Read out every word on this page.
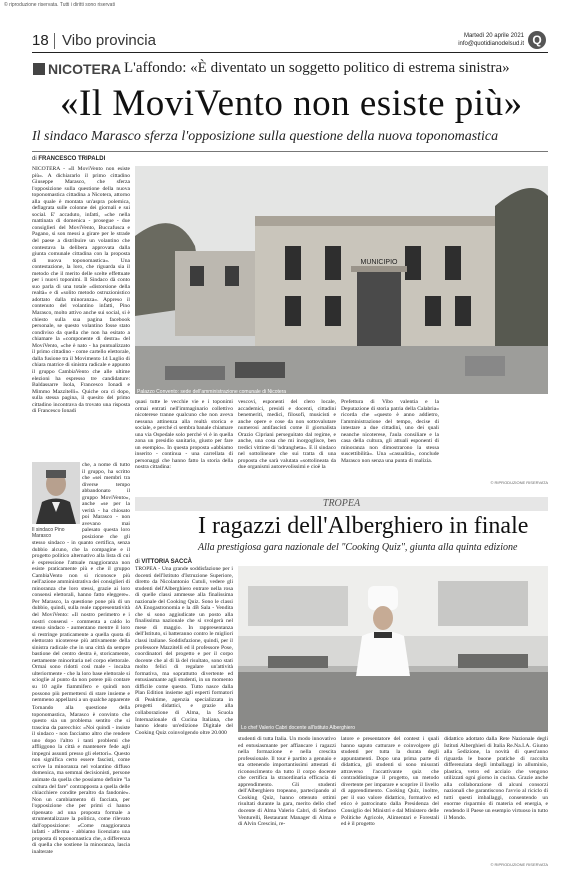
© riproduzione riservata. Tutti i diritti sono riservati
18 Vibo provincia	Martedì 20 aprile 2021
info@quotidianodelsud.it Q
NICOTERA L'affondo: «È diventato un soggetto politico di estrema sinistra»
«Il MoviVento non esiste più»
Il sindaco Marasco sferza l'opposizione sulla questione della nuova toponomastica
di FRANCESCO TRIPALDI
NICOTERA - «Il MoviVento non esiste più». A dichiararlo il primo cittadino Giuseppe Marasco, che sferza l'opposizione sulla questione della nuova toponomastica cittadina a Nicotera, attorno alla quale è montata un'aspra polemica, deflagrata sulle colonne dei giornali e sui social. E' accaduto, infatti, «che nella mattinata di domenica - prosegue - due consiglieri del MoviVento, Buccafusca e Pagano, si son messi a girare per le strade del paese a distribuire un volantino che contestava la delibera approvata dalla giunta comunale cittadina con la proposta di nuova toponomastica». Una contestazione, la loro, che riguarda sia il metodo che il merito delle scelte effettuate per i nuovi toponimi. Il Sindaco dà conto suo parla di una totale «distorsione della realtà» e di «solito metodo ostruzionistico adottato dalla minoranza». Appreso il contenuto del volantino infatti, Pino Marasco, molto attivo anche sui social, si è chiesto sulla sua pagina facebook personale, se questo volantino fosse stato condiviso da quella che non ha esitato a chiamare la «componente di destra» del MoviVento, «che è nato - ha puntualizzato il primo cittadino - come cartello elettorale, dalla fusione tra il Movimento 14 Luglio di chiara matrice di sinistra radicale e appunto il gruppo CambiaVento che alle ultime elezioni ha espresso tre candidature: Baldassarre Isola, Francesco Ionadi e Mimmo Mazzitelli». Quiche ora ci dopo, sulla stessa pagina, il quesito del primo cittadino incontrava da trovato una risposta di Francesco Ionadi
che, a nome di tutto il gruppo, ha scritto che «sei membri tra diverse tempo abbandonato il gruppo MoviVento», anche «se per la verità - ha chiosato poi Marasco - non avevano mai palesato questa loro posizione che gli
Il sindaco Pino Marasco
stesso sindaco - in quanto certifica, senza dubbio alcuno, che la compagine e il progetto politico alternativo alla lista di cui è espressione l'attuale maggioranza non esiste praticamente più e che il gruppo CambiaVento non si riconosce più nell'azione amministrativa dei consiglieri di minoranza che loro stessi, grazie ai loro consensi elettorali, hanno fatto eleggere». Per Marasco, la questione pone più di un dubbio, quindi, sulla reale rappresentatività del MoviVento: «Il nostro perimetro e i nostri consensi - commenta a caldo lo stesso sindaco - aumentano mentre il loro si restringe praticamente a quella quota di elettorato nicoterese più attivamente della sinistra radicale che in una città da sempre bastione del centro destra è, storicamente, nettamente minoritaria nel corpo elettorale. Ormai sono ridotti così male - incalza ulteriormente - che la loro base elettorale si scioglie al punto da non potere più contare su 10 agile fiammifero e quindi non possono più permettersi di stare insieme e nemmeno appellarsi a un qualche apparente
Tornando alla questione della toponomastica, Marasco è convinto che questo sia un problema sentito che si trascina da parecchio: «Noi quindi - insiste il sindaco - non facciamo altro che rendere uno dopo l'altro i tanti problemi che affliggono la città e mantenere fede agli impegni assunti presso gli elettori». Questo non significa certo essere fascisti, come scrive la minoranza nel volantino diffuso domenica, ma semmai decisionisti, persone animate da quella che possiamo definire "la cultura del fare" contrapposta a quella delle chiacchiere condite peraltro da fandonie». Non un cambiamento di facciata, per l'opposizione che per primi ci hanno ripensato ad una proposta formale a strumentalizzare la politica, come rilevato dall'opposizione: «Come maggioranza infatti - afferma - abbiamo licenziato una proposta di toponomastica che, a differenza di quella che sostiene la minoranza, lascia inalterate
MUNICIPIO
Palazzo Convento: sede dell'amministrazione comunale di Nicotera
quasi tutte le vecchie vie e i toponimi ormai entrati nell'immaginario collettivo nicoterese tranne qualcuno che non aveva nessuna attinenza alla realtà storica e sociale, e perché ci sembra banale chiamare una via Ospedale solo perché vi è in quella zona un presidio sanitario, giusto per fare un esempio». In questa proposta «abbiamo inserito - continua - una carrellata di personaggi che hanno fatto la storia della nostra cittadina:
vescovi, esponenti del clero locale, accademici, presidi e docenti, cittadini benemeriti, medici, filosofi, musicisti e anche opere e cose da non sottovalutare numerosi antifascisti come il giornalista Orazio Cipriani perseguitato dal regime, e anche, una cosa che mi inorgoglisce, ben tredici vittime di 'ndrangheta». E il sindaco nel sottolineare che sui tratta di una proposta che sarà valutata «sottolineata da due organismi autorevolissimi e cioè la
Prefettura di Vibo valentia e la Deputazione di storia patria della Calabria» ricorda che «questo è anno addietro, l'amministrazione del tempo, decise di intestare a due cittadini, uno dei quali neanche nicoterese, l'aula consiliare e la casa della cultura, gli attuali esponenti di minoranza non dimostrarono la stessa suscettibilità». Una «casualità», conclude Marasco non senza una punta di malizia.
© RIPRODUZIONE RISERVATA
TROPEA
I ragazzi dell'Alberghiero in finale
Alla prestigiosa gara nazionale del "Cooking Quiz", giunta alla quinta edizione
di VITTORIA SACCÀ
TROPEA - Una grande soddisfazione per i docenti dell'Istituto d'Istruzione Superiore, diretto da Nicolantonio Cutuli, vedere gli studenti dell'Alberghiero entrare nella rosa di quelle classi ammesse alla finalissima nazionale del Cooking Quiz. Sono le classi 4A Enogastronomia e la 4B Sala - Vendita che si sono aggiudicate un posto alla finalissima nazionale che si svolgerà nel mese di maggio. In rappresentanza dell'Istituto, si batteranno contro le migliori classi italiane. Soddisfazione, quindi, per il professore Mazzitelli ed il professore Pose, coordinatori del progetto e per il corpo docente che al di là del risultato, sono stati molto felici di regalare un'attività formativa, ma soprattutto divertente ed entusiasmante agli studenti, in un momento difficile come questo. Tutto nasce dalla Plan Edition insieme agli esperti formatori di Peaktime, agenzia specializzata in progetti didattici, e grazie alla collaborazione di Alma, la Scuola Internazionale di Cucina Italiana, che hanno ideato un'edizione Digitale del Cooking Quiz coinvolgendo oltre 20.000
Lo chef Valerio Cabri docente all'istituto Alberghiero
studenti di tutta Italia. Un modo innovativo ed entusiasmante per affiancare i ragazzi nella formazione e nella crescita professionale. Il tour è partito a gennaio e sta ottenendo importantissimi attestati di riconoscimento da tutto il corpo docente che certifica la straordinaria efficacia di apprendimento. Gli studenti dell'Alberghiero tropeano, partecipando al Cooking Quiz, hanno ottenuto ottimi risultati durante la gara, merito dello chef docente di Alma Valerio Cabri, di Stefano Venturelli, Restaurant Manager di Alma e di Alvin Crescini, re-
latore e presentatore del contest i quali hanno saputo catturare e coinvolgere gli studenti per tutta la durata degli appuntamenti. Dopo una prima parte di didattica, gli studenti si sono misurati attraverso l'accattivante quiz che contraddistingue il progetto, un metodo divertente per imparare e scoprire il livello di apprendimento. Cooking Quiz, inoltre, per il suo valore didattico, formativo ed etico è patrocinato dalla Presidenza del Consiglio dei Ministri e dal Ministero delle Politiche Agricole, Alimentari e Forestali ed è il progetto
didattico adottato dalla Rete Nazionale degli Istituti Alberghieri di Italia Re.Na.I.A. Giunto alla 5edizione, la novità di quest'anno riguarda le buone pratiche di raccolta differenziata degli imballaggi in alluminio, plastica, vetro ed acciaio che vengono utilizzati ogni giorno in cucina. Grazie anche alla collaborazione di alcuni consorzi nazionali che garantiscono l'avvio al riciclo di tutti questi imballaggi, consentendo un enorme risparmio di materia ed energia, e rendendo il Paese un esempio virtuoso in tutto il Mondo.
© RIPRODUZIONE RISERVATA
